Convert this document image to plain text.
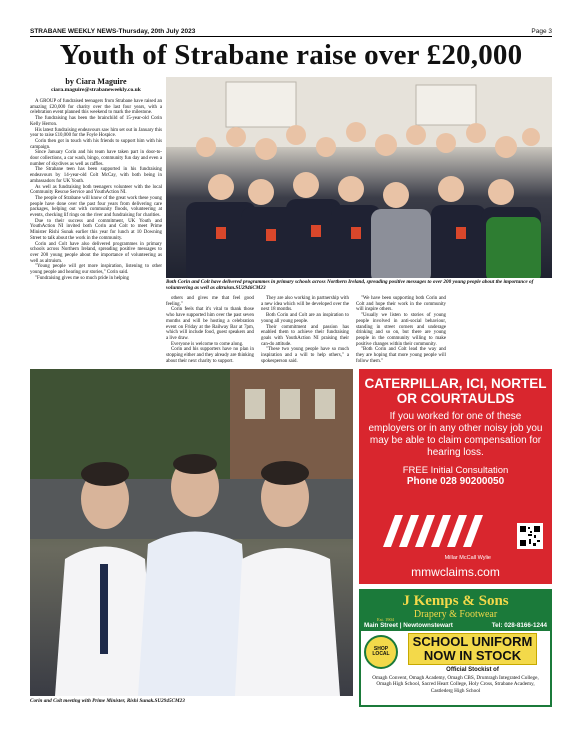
STRABANE WEEKLY NEWS-Thursday, 20th July 2023	Page 3
Youth of Strabane raise over £20,000
by Ciara Maguire
ciara.maguire@strabaneweekly.co.uk

A GROUP of fundraised teenagers from Strabane have raised an amazing £20,000 for charity over the last four years, with a celebration event planned this weekend to mark the milestone.

The fundraising has been the brainchild of 15-year-old Corin Kelly Herron.

His latest fundraising endeavours saw him set out in January this year to raise £10,000 for the Foyle Hospice.

Corin then got in touch with his friends to support him with his campaign.

Since January Corin and his team have taken part in door-to-door collections, a car wash, bingo, community fun day and even a number of skydives as well as raffles.

The Strabane teen has been supported in his fundraising endeavours by 14-year-old Colt McCay, with both being in ambassadors for UK Youth.

As well as fundraising both teenagers volunteer with the local Community Rescue Service and YouthAction NI.

The people of Strabane will know of the great work these young people have done over the past four years from delivering care packages, helping out with community floods, volunteering at events, checking lif rings on the river and fundraising for charities.

Due to their success and commitment, UK Youth and YouthAction NI invited both Corin and Colt to meet Prime Minister Rishi Sunak earlier this year for lunch at 10 Downing Street to talk about the work in the community.

Corin and Colt have also delivered programmes in primary schools across Northern Ireland, spreading positive messages to over 200 young people about the importance of volunteering as well as altruism.

"Young people will get more inspiration, listening to other young people and hearing our stories," Corin said.

"Fundraising gives me so much pride in helping

Both Corin and Colt have delivered programmes in primary schools across Northern Ireland, spreading positive messages to over 200 young people about the importance of volunteering as well as altruism.SU2946CM23

others and gives me that feel good feeling."

Corin feels that it's vital to thank those who have supported him over the past seven months and will be hosting a celebration event on Friday at the Railway Bar at 7pm, which will include food, guest speakers and a live draw.

Everyone is welcome to come along.

Corin and his supporters have no plan in stopping either and they already are thinking about their next charity to support.

They are also working in partnership with a new idea which will be developed over the next 18 months.

Both Corin and Colt are an inspiration to young all young people.

Their commitment and passion has enabled them to achieve their fundraising goals with YouthAction NI praising their can-do attitude.

"These two young people have so much inspiration and a will to help others," a spokesperson said.

"We have been supporting both Corin and Colt and hope their work in the community will inspire others.

"Usually we listen to stories of young people involved in anti-social behaviour, standing in street corners and underage drinking and so on, but there are young people in the community willing to make positive changes within their community.

"Both Corin and Colt lead the way and they are hoping that more young people will follow them."

Corin and Colt meeting with Prime Minister, Rishi Sunak.SU2945CM23

CATERPILLAR, ICI, NORTEL OR COURTAULDS
If you worked for one of these employers or in any other noisy job you may be able to claim compensation for hearing loss.
FREE Initial Consultation
Phone 028 90200050
MMW
Millar McCall Wylie
mmwclaims.com
J Kemps & Sons
Drapery & Footwear
Est. 1904
Main Street | Newtownstewart	Tel: 028-8166-1244
SHOP LOCAL
SCHOOL UNIFORM
NOW IN STOCK
Official Stockist of
Omagh Convent, Omagh Academy, Omagh CBS, Drumragh Integrated College, Omagh High School, Sacred Heart College, Holy Cross, Strabane Academy, Castlederg High School
